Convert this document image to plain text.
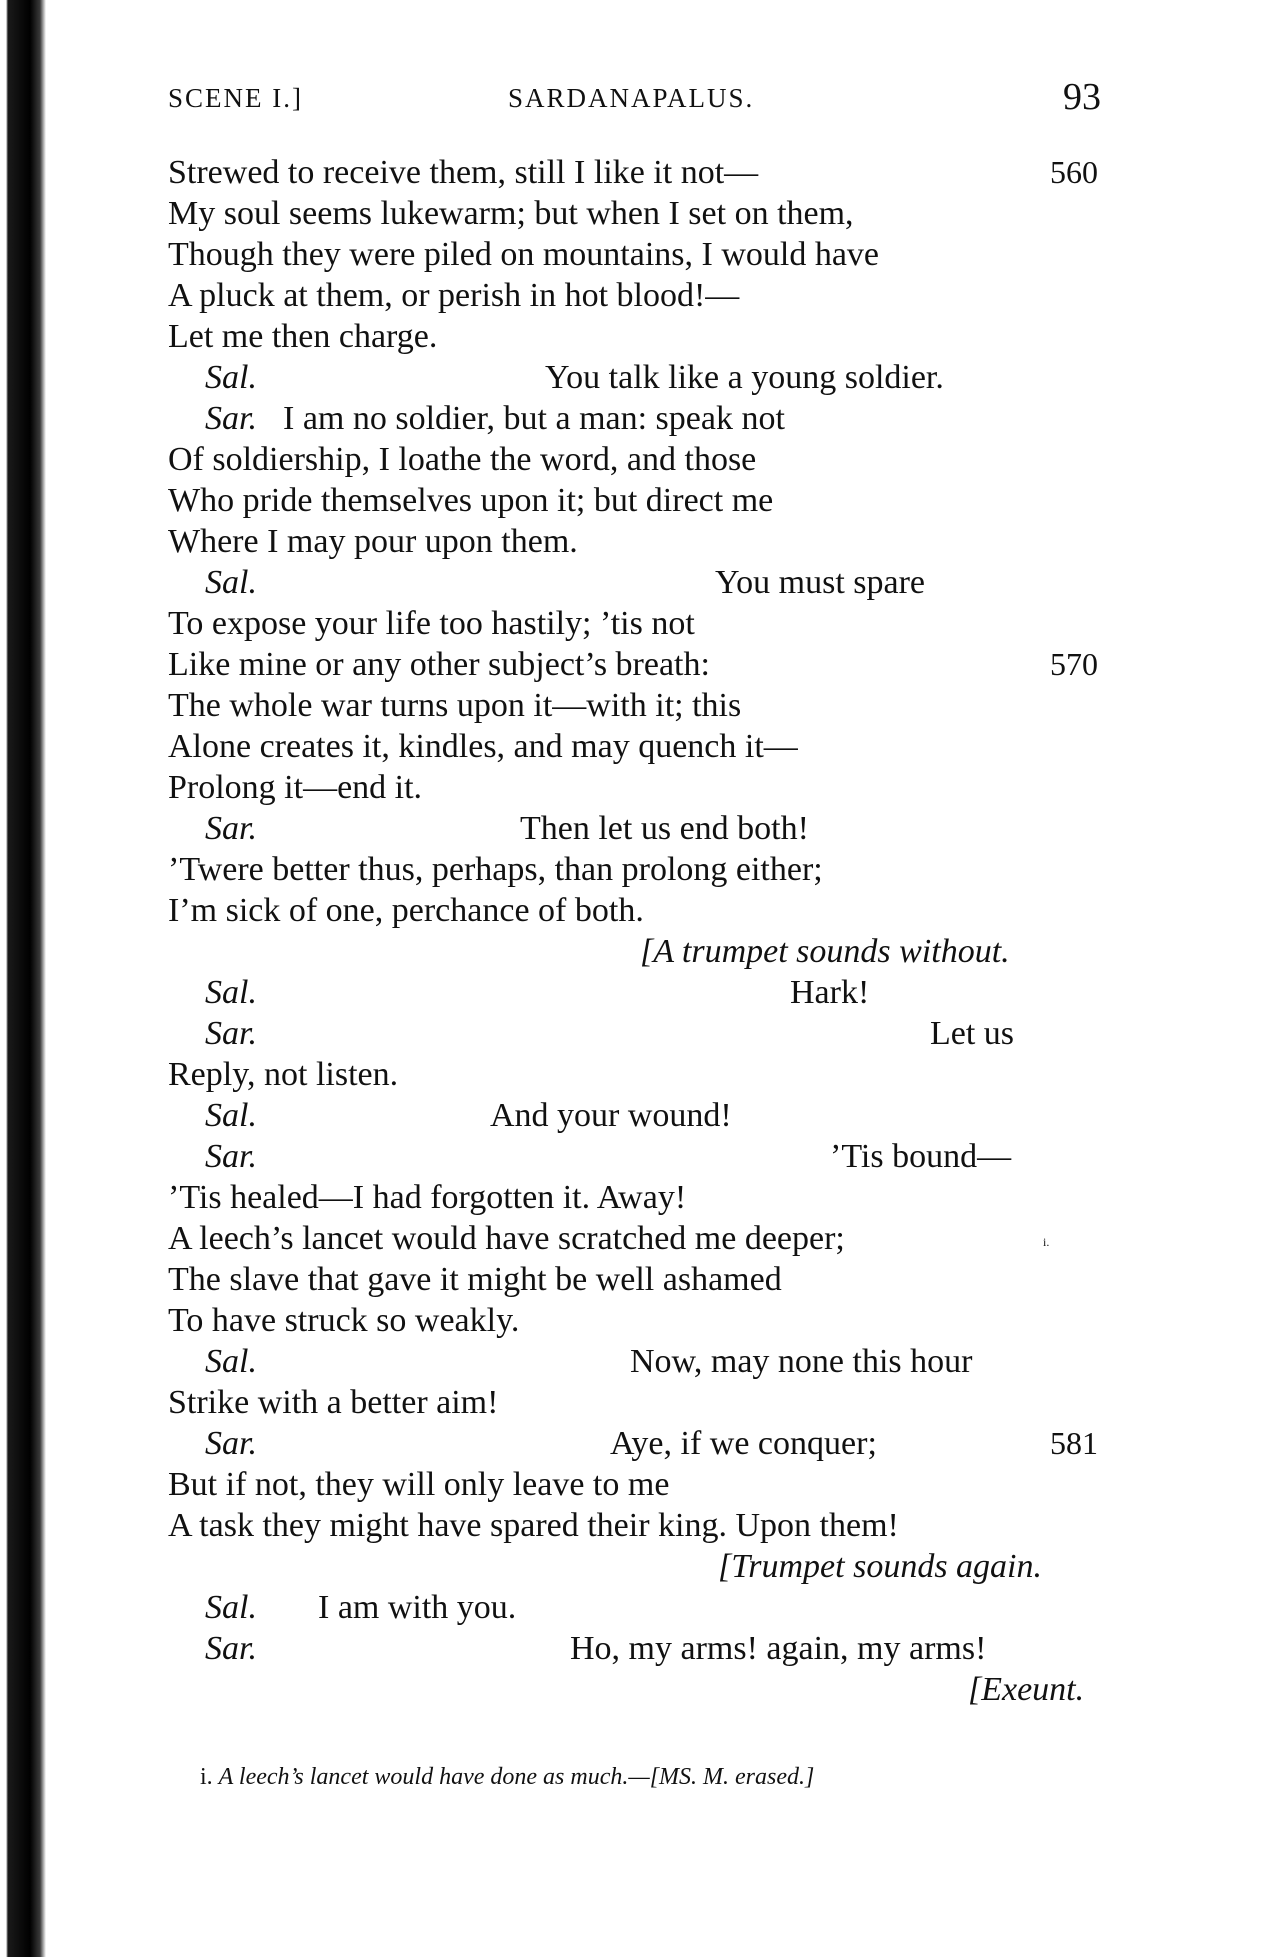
SCENE I.]	SARDANAPALUS.	93
Strewed to receive them, still I like it not—	560
My soul seems lukewarm; but when I set on them,
Though they were piled on mountains, I would have
A pluck at them, or perish in hot blood!—
Let me then charge.
Sal.	You talk like a young soldier.
Sar. I am no soldier, but a man: speak not
Of soldiership, I loathe the word, and those
Who pride themselves upon it; but direct me
Where I may pour upon them.
Sal.	You must spare
To expose your life too hastily; ’tis not
Like mine or any other subject’s breath:	570
The whole war turns upon it—with it; this
Alone creates it, kindles, and may quench it—
Prolong it—end it.
Sar.	Then let us end both!
’Twere better thus, perhaps, than prolong either;
I’m sick of one, perchance of both.
[A trumpet sounds without.
Sal.	Hark!
Sar.	Let us
Reply, not listen.
Sal.	And your wound!
Sar.	’Tis bound—
’Tis healed—I had forgotten it. Away!
A leech’s lancet would have scratched me deeper;	i.
The slave that gave it might be well ashamed
To have struck so weakly.
Sal.	Now, may none this hour
Strike with a better aim!
Sar.	Aye, if we conquer;	581
But if not, they will only leave to me
A task they might have spared their king. Upon them!
[Trumpet sounds again.
Sal. I am with you.
Sar.	Ho, my arms! again, my arms!
[Exeunt.
i. A leech’s lancet would have done as much.—[MS. M. erased.]
